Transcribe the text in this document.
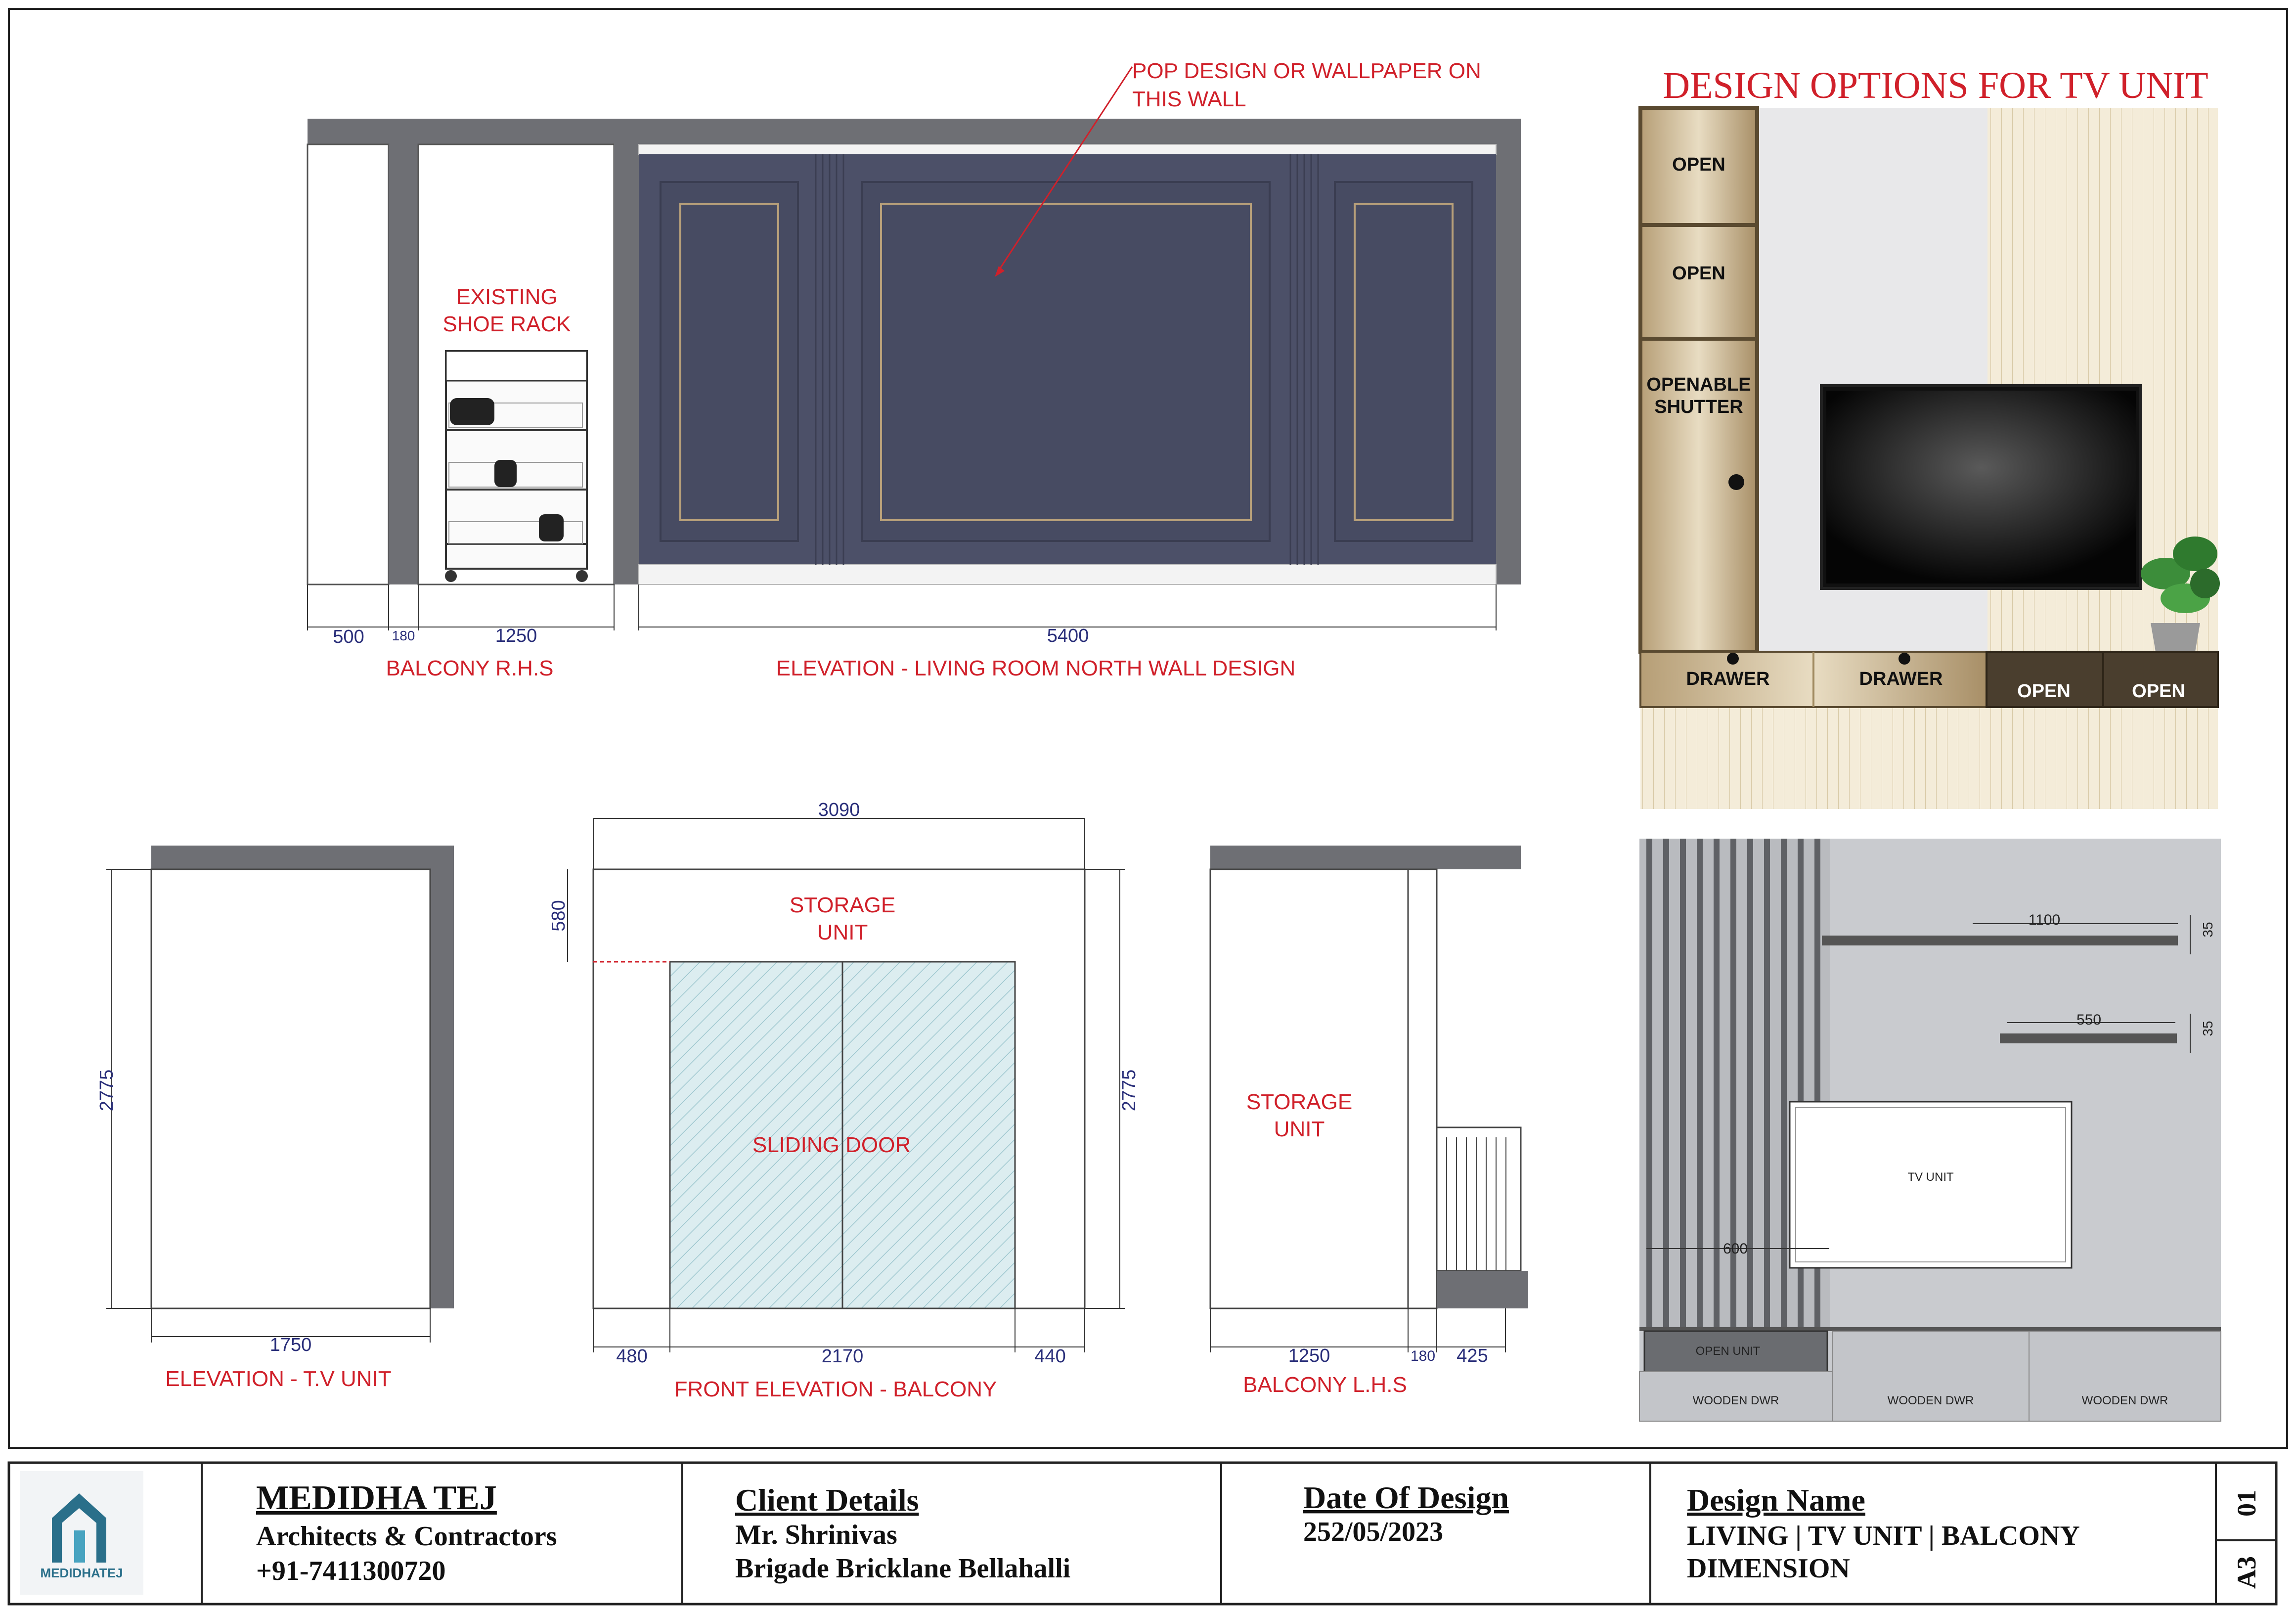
EXISTING
SHOE RACK
500 180	1250
BALCONY R.H.S
POP DESIGN OR WALLPAPER ON
THIS WALL
5400
ELEVATION - LIVING ROOM NORTH WALL DESIGN
DESIGN OPTIONS FOR TV UNIT
OPEN
OPEN
OPENABLE
SHUTTER
DRAWER	DRAWER
OPEN	OPEN
2775
1750
ELEVATION - T.V UNIT
STORAGE
UNIT
SLIDING DOOR
3090
580
2775
480	2170	440
FRONT ELEVATION - BALCONY
STORAGE
UNIT
1250	180 425
BALCONY L.H.S
1100
550
35
35
TV UNIT
600
OPEN UNIT
WOODEN DWR	WOODEN DWR	WOODEN DWR
MEDIDHATEJ
MEDIDHA TEJ
Architects & Contractors
+91-7411300720
Client Details
Mr. Shrinivas
Brigade Bricklane Bellahalli
Date Of Design
252/05/2023
Design Name
LIVING | TV UNIT | BALCONY
DIMENSION
01
A3
